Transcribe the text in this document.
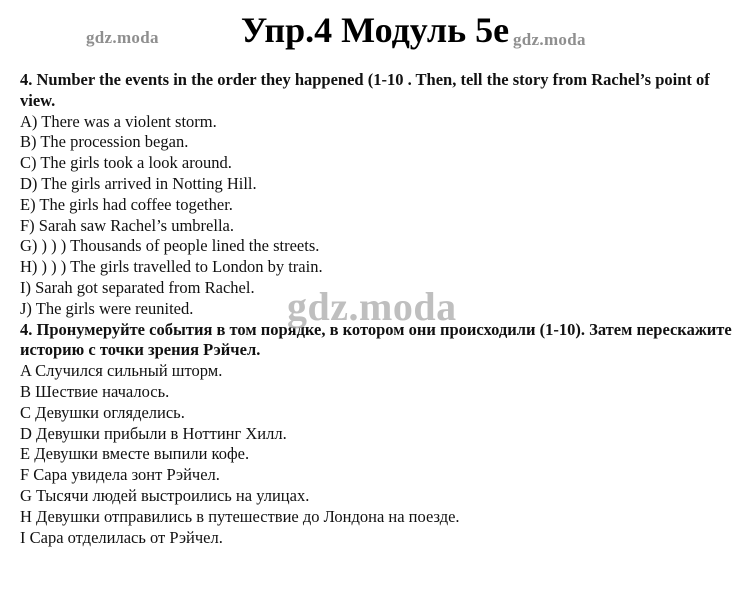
gdz.moda	Упр.4 Модуль 5е gdz.moda
4. Number the events in the order they happened (1-10 . Then, tell the story from Rachel’s point of view.
A) There was a violent storm.
B) The procession began.
C) The girls took a look around.
D) The girls arrived in Notting Hill.
E) The girls had coffee together.
F) Sarah saw Rachel’s umbrella.
G) ) ) ) Thousands of people lined the streets.
H) ) ) ) The girls travelled to London by train.
I) Sarah got separated from Rachel.
J) The girls were reunited.
4. Пронумеруйте события в том порядке, в котором они происходили (1-10). Затем перескажите историю с точки зрения Рэйчел.
A Случился сильный шторм.
B Шествие началось.
C Девушки огляделись.
D Девушки прибыли в Ноттинг Хилл.
E Девушки вместе выпили кофе.
F Сара увидела зонт Рэйчел.
G Тысячи людей выстроились на улицах.
H Девушки отправились в путешествие до Лондона на поезде.
I Сара отделилась от Рэйчел.
gdz.moda
